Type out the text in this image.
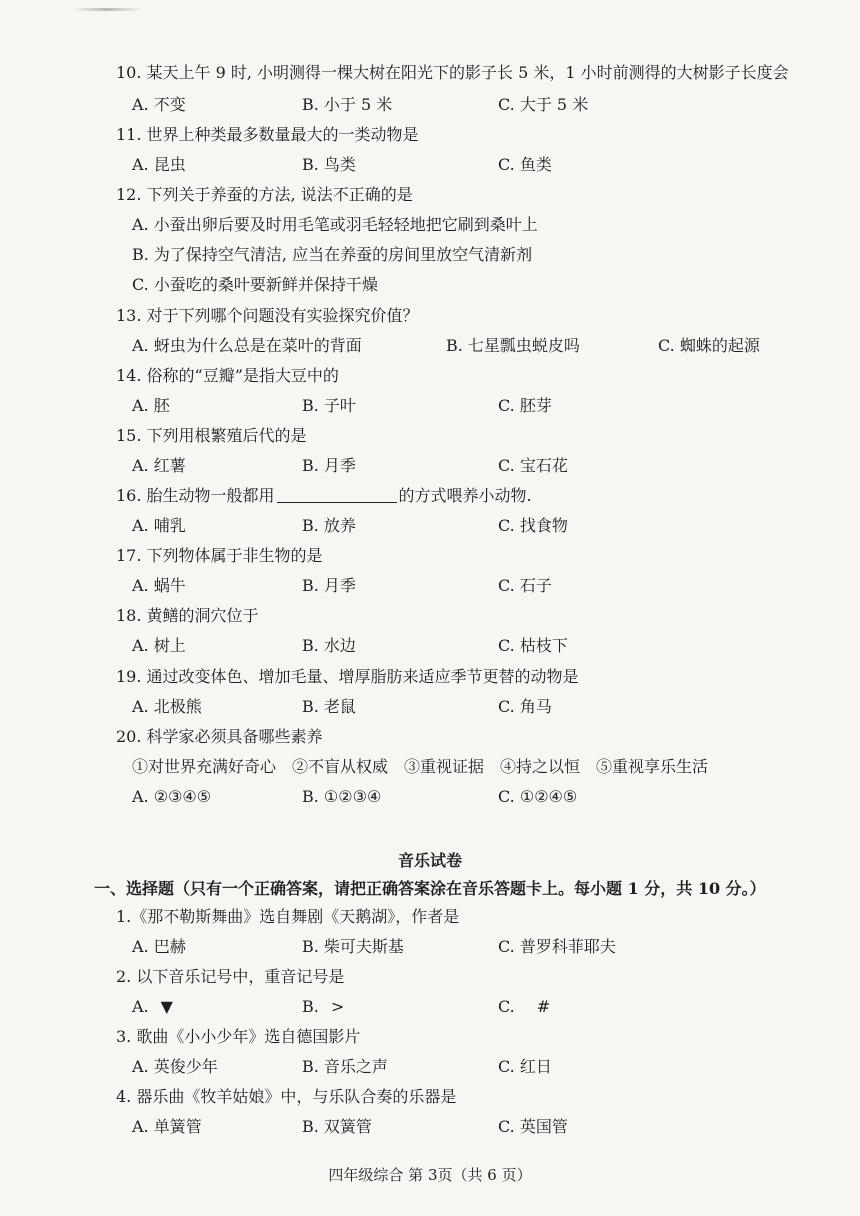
10. 某天上午 9 时, 小明测得一棵大树在阳光下的影子长 5 米，1 小时前测得的大树影子长度会
A. 不变	B. 小于 5 米	C. 大于 5 米
11. 世界上种类最多数量最大的一类动物是
A. 昆虫	B. 鸟类	C. 鱼类
12. 下列关于养蚕的方法, 说法不正确的是
A. 小蚕出卵后要及时用毛笔或羽毛轻轻地把它刷到桑叶上
B. 为了保持空气清洁, 应当在养蚕的房间里放空气清新剂
C. 小蚕吃的桑叶要新鲜并保持干燥
13. 对于下列哪个问题没有实验探究价值？
A. 蚜虫为什么总是在菜叶的背面	B. 七星瓢虫蜕皮吗	C. 蜘蛛的起源
14. 俗称的“豆瓣”是指大豆中的
A. 胚	B. 子叶	C. 胚芽
15. 下列用根繁殖后代的是
A. 红薯	B. 月季	C. 宝石花
16. 胎生动物一般都用	的方式喂养小动物.
A. 哺乳	B. 放养	C. 找食物
17. 下列物体属于非生物的是
A. 蜗牛	B. 月季	C. 石子
18. 黄鳝的洞穴位于
A. 树上	B. 水边	C. 枯枝下
19. 通过改变体色、增加毛量、增厚脂肪来适应季节更替的动物是
A. 北极熊	B. 老鼠	C. 角马
20. 科学家必须具备哪些素养
①对世界充满好奇心　②不盲从权威　③重视证据　④持之以恒　⑤重视享乐生活
A. ②③④⑤	B. ①②③④	C. ①②④⑤
音乐试卷
一、选择题（只有一个正确答案，请把正确答案涂在音乐答题卡上。每小题 1 分，共 10 分。）
1.《那不勒斯舞曲》选自舞剧《天鹅湖》，作者是
A. 巴赫	B. 柴可夫斯基	C. 普罗科菲耶夫
2. 以下音乐记号中，重音记号是
A. ▼	B. >	C. #
3. 歌曲《小小少年》选自德国影片
A. 英俊少年	B. 音乐之声	C. 红日
4. 器乐曲《牧羊姑娘》中，与乐队合奏的乐器是
A. 单簧管	B. 双簧管	C. 英国管
四年级综合 第 3页（共 6 页）
